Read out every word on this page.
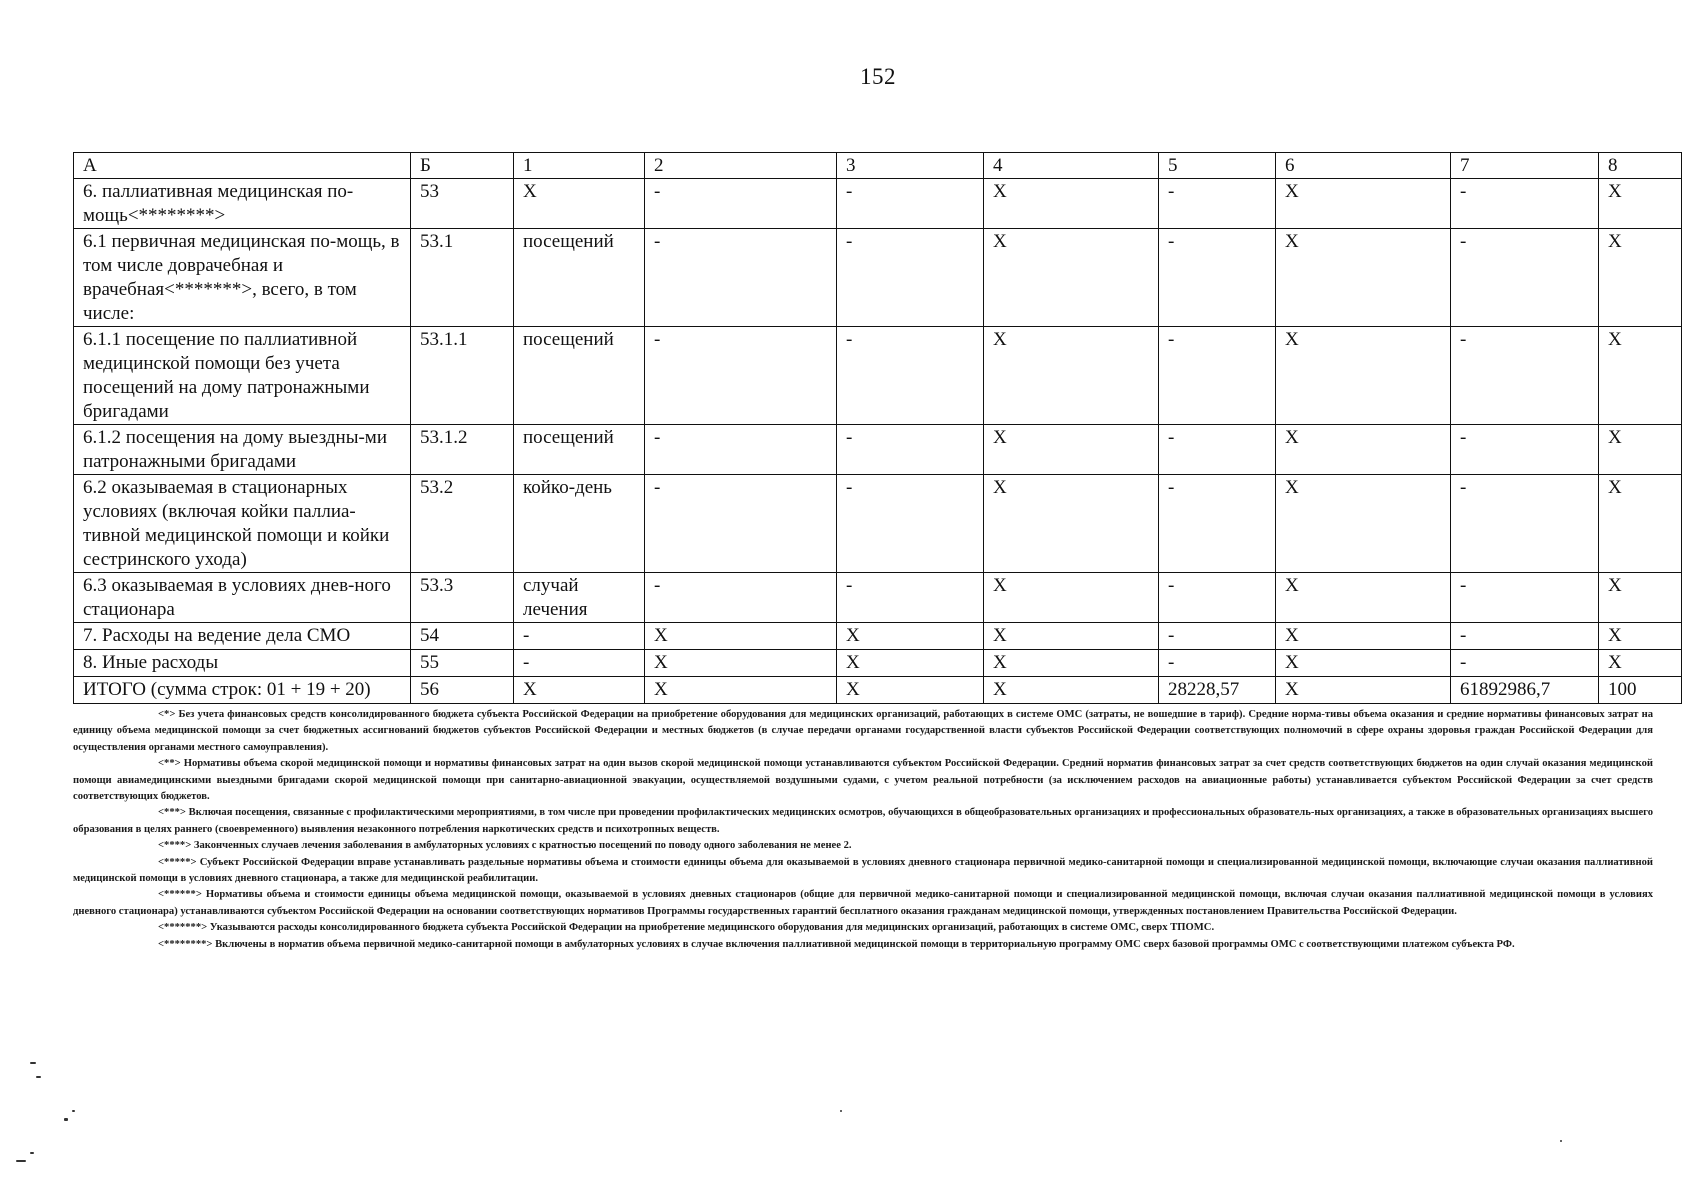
152
А	Б	1	2	3	4	5	6	7	8
6. паллиативная медицинская по-мощь<********>	53	Х	-	-	Х	-	Х	-	Х
6.1 первичная медицинская по-мощь, в том числе доврачебная и врачебная<*******>, всего, в том числе:	53.1	посещений	-	-	Х	-	Х	-	Х
6.1.1 посещение по паллиативной медицинской помощи без учета посещений на дому патронажными бригадами	53.1.1	посещений	-	-	Х	-	Х	-	Х
6.1.2 посещения на дому выездны-ми патронажными бригадами	53.1.2	посещений	-	-	Х	-	Х	-	Х
6.2 оказываемая в стационарных условиях (включая койки паллиа-тивной медицинской помощи и койки сестринского ухода)	53.2	койко-день	-	-	Х	-	Х	-	Х
6.3 оказываемая в условиях днев-ного стационара	53.3	случай лечения	-	-	Х	-	Х	-	Х
7. Расходы на ведение дела СМО	54	-	Х	Х	Х	-	Х	-	Х
8. Иные расходы	55	-	Х	Х	Х	-	Х	-	Х
ИТОГО (сумма строк: 01 + 19 + 20)	56	Х	Х	Х	Х	28228,57	Х	61892986,7	100

<*> Без учета финансовых средств консолидированного бюджета субъекта Российской Федерации на приобретение оборудования для медицинских организаций, работающих в системе ОМС (затраты, не вошедшие в тариф). Средние норма-тивы объема оказания и средние нормативы финансовых затрат на единицу объема медицинской помощи за счет бюджетных ассигнований бюджетов субъектов Российской Федерации и местных бюджетов (в случае передачи органами государственной власти субъектов Российской Федерации соответствующих полномочий в сфере охраны здоровья граждан Российской Федерации для осуществления органами местного самоуправления).

<**> Нормативы объема скорой медицинской помощи и нормативы финансовых затрат на один вызов скорой медицинской помощи устанавливаются субъектом Российской Федерации. Средний норматив финансовых затрат за счет средств соответствующих бюджетов на один случай оказания медицинской помощи авиамедицинскими выездными бригадами скорой медицинской помощи при санитарно-авиационной эвакуации, осуществляемой воздушными судами, с учетом реальной потребности (за исключением расходов на авиационные работы) устанавливается субъектом Российской Федерации за счет средств соответствующих бюджетов.

<***> Включая посещения, связанные с профилактическими мероприятиями, в том числе при проведении профилактических медицинских осмотров, обучающихся в общеобразовательных организациях и профессиональных образователь-ных организациях, а также в образовательных организациях высшего образования в целях раннего (своевременного) выявления незаконного потребления наркотических средств и психотропных веществ.

<****> Законченных случаев лечения заболевания в амбулаторных условиях с кратностью посещений по поводу одного заболевания не менее 2.

<*****> Субъект Российской Федерации вправе устанавливать раздельные нормативы объема и стоимости единицы объема для оказываемой в условиях дневного стационара первичной медико-санитарной помощи и специализированной медицинской помощи, включающие случаи оказания паллиативной медицинской помощи в условиях дневного стационара, а также для медицинской реабилитации.

<******> Нормативы объема и стоимости единицы объема медицинской помощи, оказываемой в условиях дневных стационаров (общие для первичной медико-санитарной помощи и специализированной медицинской помощи, включая случаи оказания паллиативной медицинской помощи в условиях дневного стационара) устанавливаются субъектом Российской Федерации на основании соответствующих нормативов Программы государственных гарантий бесплатного оказания гражданам медицинской помощи, утвержденных постановлением Правительства Российской Федерации.

<*******> Указываются расходы консолидированного бюджета субъекта Российской Федерации на приобретение медицинского оборудования для медицинских организаций, работающих в системе ОМС, сверх ТПОМС.

<********> Включены в норматив объема первичной медико-санитарной помощи в амбулаторных условиях в случае включения паллиативной медицинской помощи в территориальную программу ОМС сверх базовой программы ОМС с соответствующими платежом субъекта РФ.
